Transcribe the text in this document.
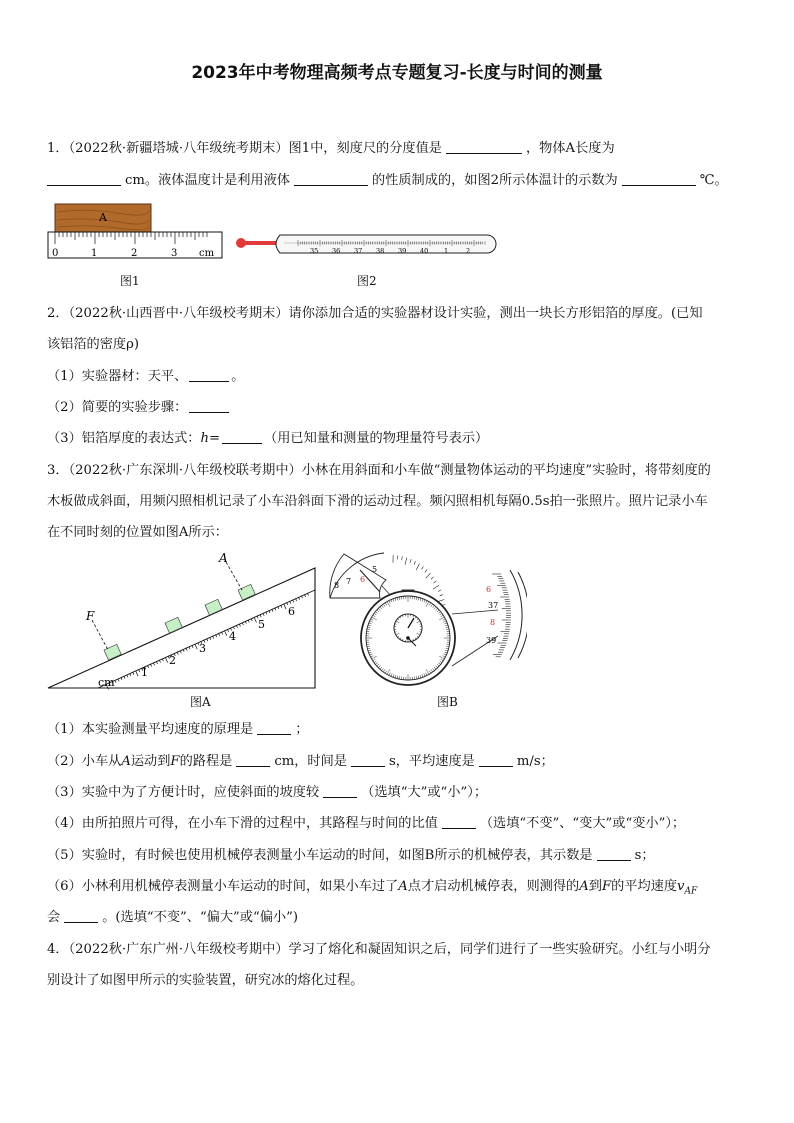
2023年中考物理高频考点专题复习-长度与时间的测量
1．（2022秋·新疆塔城·八年级统考期末）图1中，刻度尺的分度值是	，物体A长度为
cm。液体温度计是利用液体	的性质制成的，如图2所示体温计的示数为	℃。
A
0	1	2	3 cm
图1
35 36 37 38 39 40 1	2
图2
2．（2022秋·山西晋中·八年级校考期末）请你添加合适的实验器材设计实验，测出一块长方形铝箔的厚度。(已知
该铝箔的密度ρ)
（1）实验器材：天平、	。
（2）简要的实验步骤：
（3）铝箔厚度的表达式：h=	（用已知量和测量的物理量符号表示）
3．（2022秋·广东深圳·八年级校联考期中）小林在用斜面和小车做“测量物体运动的平均速度”实验时，将带刻度的
木板做成斜面，用频闪照相机记录了小车沿斜面下滑的运动过程。频闪照相机每隔0.5s拍一张照片。照片记录小车
在不同时刻的位置如图A所示：
1
2
3
4
5
6
cm
F
A
图A
8 7 6
5
6
37
8
39
图B
（1）本实验测量平均速度的原理是	；
（2）小车从A运动到F的路程是	cm，时间是	s，平均速度是	m/s；
（3）实验中为了方便计时，应使斜面的坡度较	（选填“大”或“小”）；
（4）由所拍照片可得，在小车下滑的过程中，其路程与时间的比值	（选填“不变”、“变大”或“变小”）；
（5）实验时，有时候也使用机械停表测量小车运动的时间，如图B所示的机械停表，其示数是	s；
（6）小林利用机械停表测量小车运动的时间，如果小车过了A点才启动机械停表，则测得的A到F的平均速度$v_{AF}$
会	。(选填“不变”、“偏大”或“偏小”)
4．（2022秋·广东广州·八年级校考期中）学习了熔化和凝固知识之后，同学们进行了一些实验研究。小红与小明分
别设计了如图甲所示的实验装置，研究冰的熔化过程。
